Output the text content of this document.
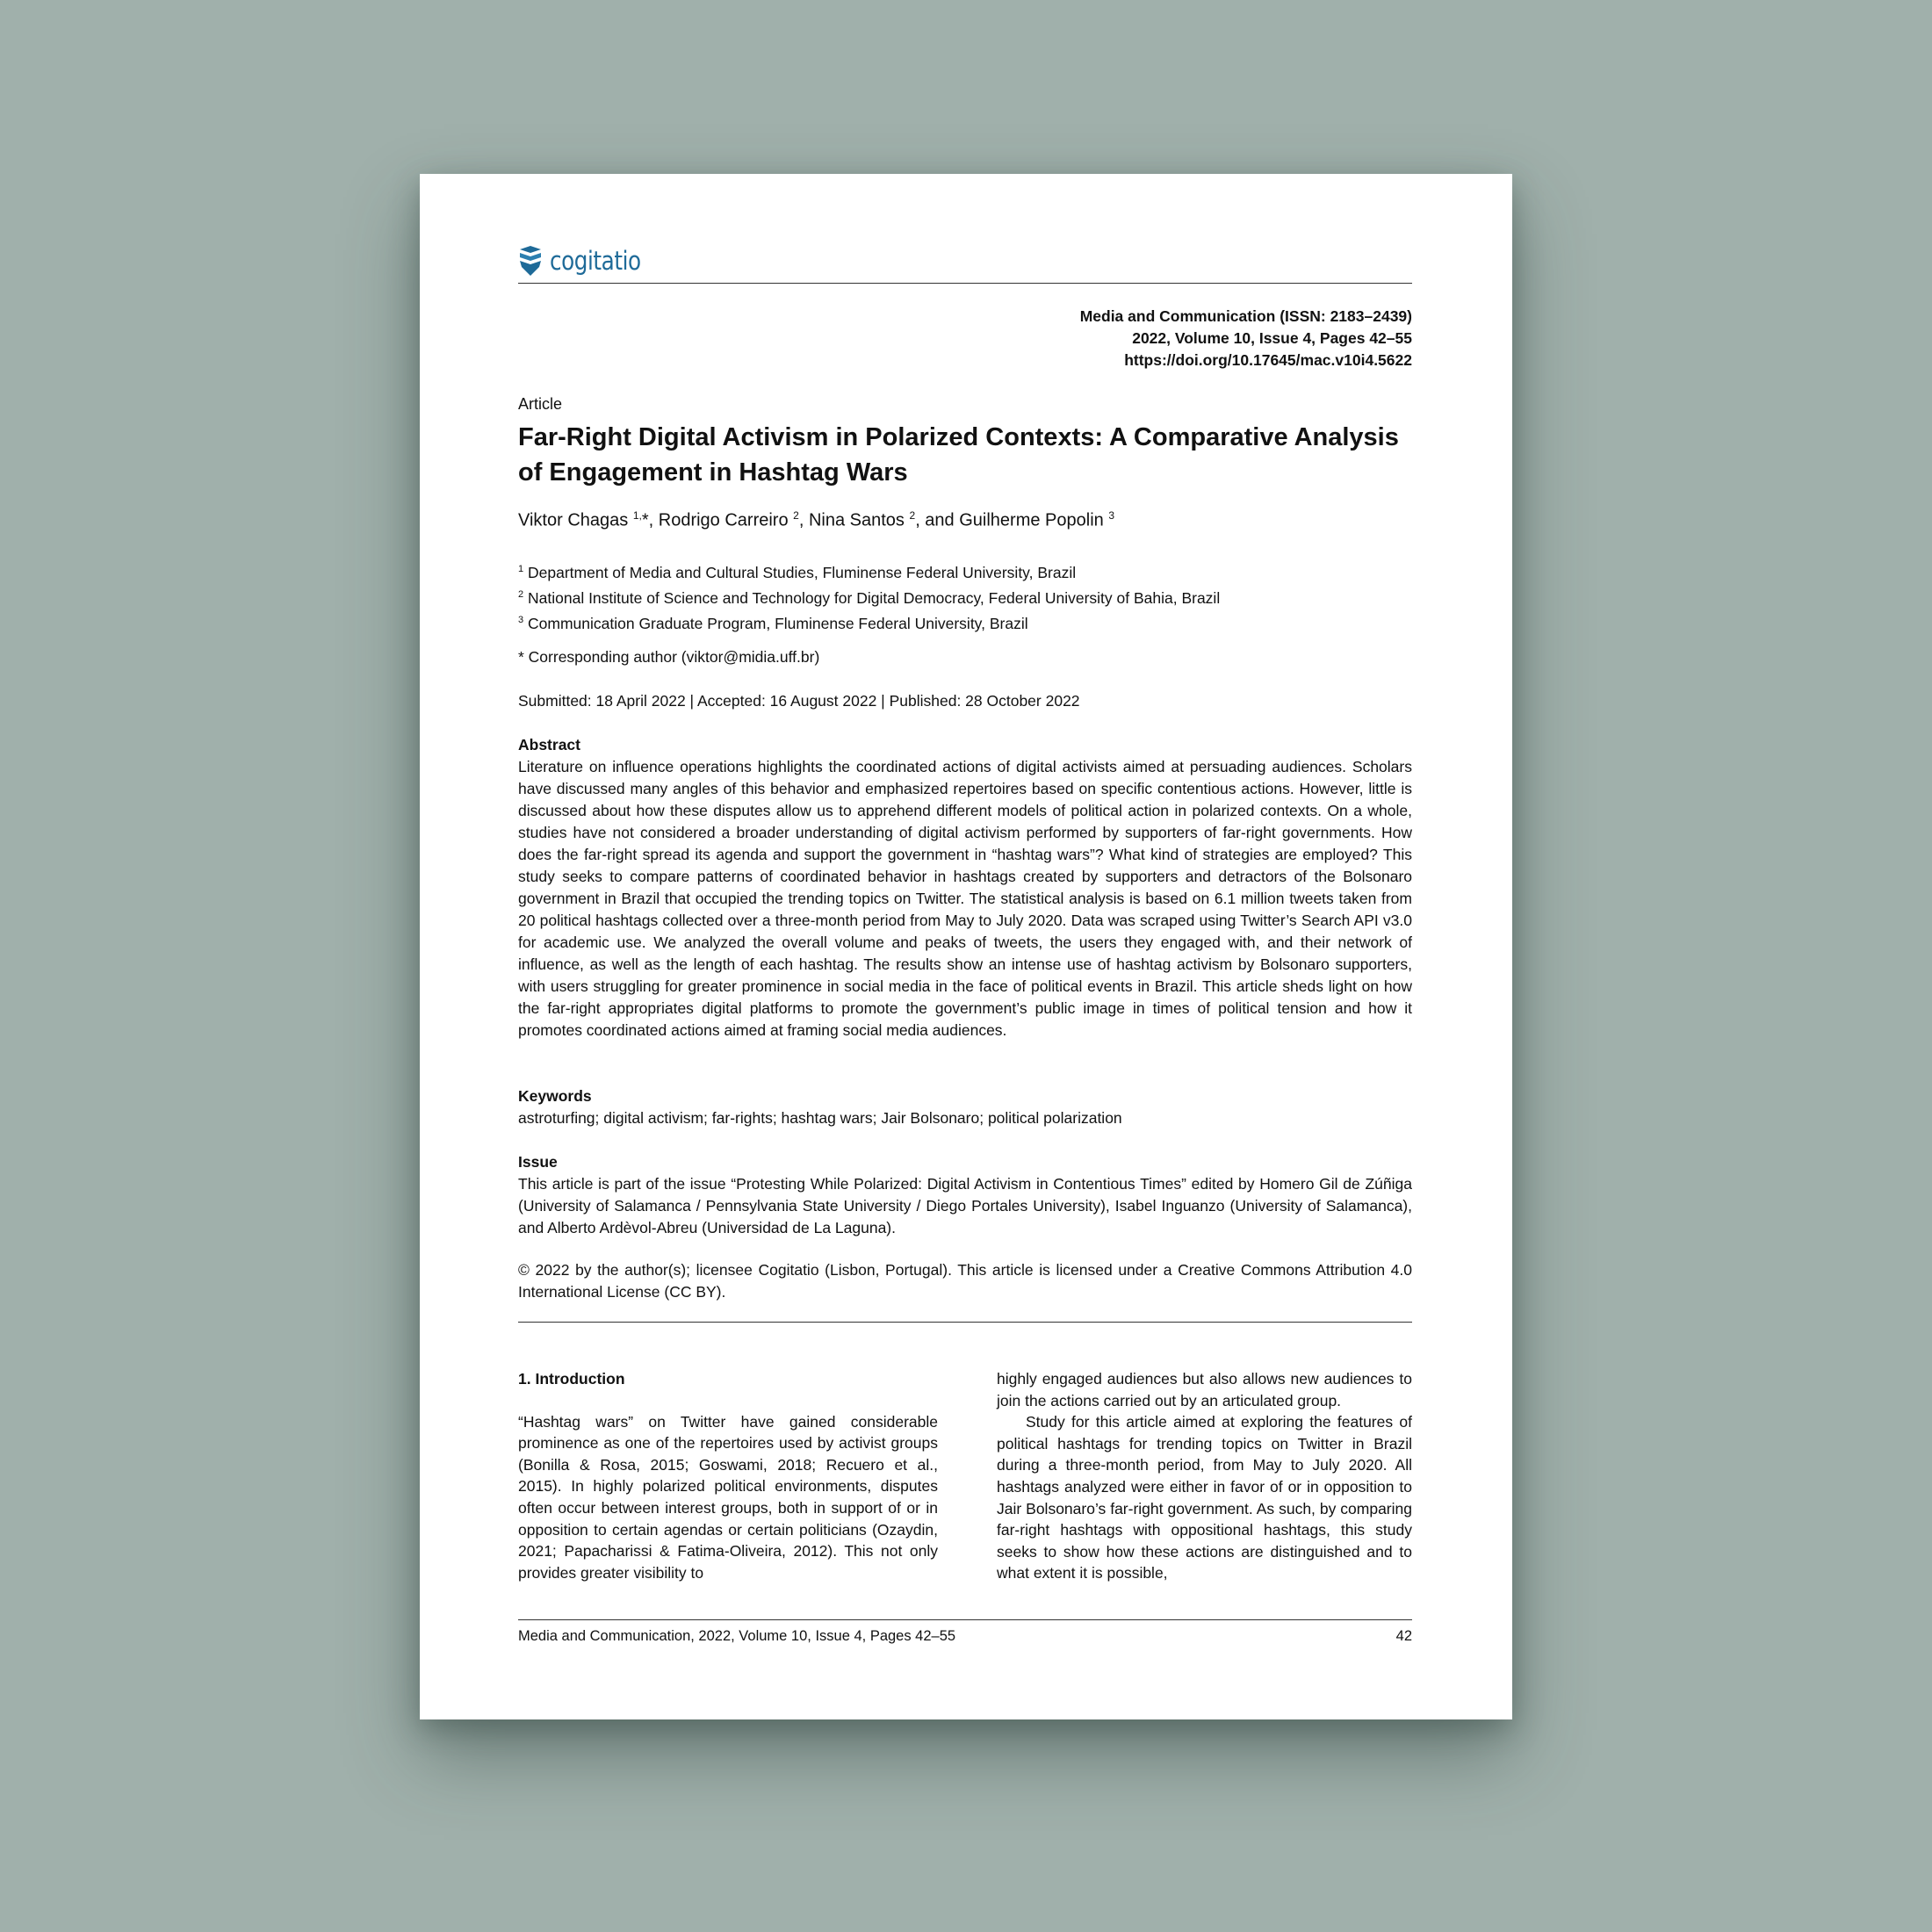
cogitatio
Media and Communication (ISSN: 2183–2439)
2022, Volume 10, Issue 4, Pages 42–55
https://doi.org/10.17645/mac.v10i4.5622
Article
Far-Right Digital Activism in Polarized Contexts: A Comparative Analysis of Engagement in Hashtag Wars
Viktor Chagas $^{1,}$*, Rodrigo Carreiro $^2$, Nina Santos $^2$, and Guilherme Popolin $^3$
$^1$ Department of Media and Cultural Studies, Fluminense Federal University, Brazil
$^2$ National Institute of Science and Technology for Digital Democracy, Federal University of Bahia, Brazil
$^3$ Communication Graduate Program, Fluminense Federal University, Brazil
* Corresponding author (viktor@midia.uff.br)
Submitted: 18 April 2022 | Accepted: 16 August 2022 | Published: 28 October 2022
Abstract

Literature on influence operations highlights the coordinated actions of digital activists aimed at persuading audiences. Scholars have discussed many angles of this behavior and emphasized repertoires based on specific contentious actions. However, little is discussed about how these disputes allow us to apprehend different models of political action in polarized contexts. On a whole, studies have not considered a broader understanding of digital activism performed by supporters of far-right governments. How does the far-right spread its agenda and support the government in “hashtag wars”? What kind of strategies are employed? This study seeks to compare patterns of coordinated behavior in hashtags created by supporters and detractors of the Bolsonaro government in Brazil that occupied the trending topics on Twitter. The statistical analysis is based on 6.1 million tweets taken from 20 political hashtags collected over a three-month period from May to July 2020. Data was scraped using Twitter’s Search API v3.0 for academic use. We analyzed the overall volume and peaks of tweets, the users they engaged with, and their network of influence, as well as the length of each hashtag. The results show an intense use of hashtag activism by Bolsonaro supporters, with users struggling for greater prominence in social media in the face of political events in Brazil. This article sheds light on how the far-right appropriates digital platforms to promote the government’s public image in times of political tension and how it promotes coordinated actions aimed at framing social media audiences.

Keywords

astroturfing; digital activism; far-rights; hashtag wars; Jair Bolsonaro; political polarization

Issue

This article is part of the issue “Protesting While Polarized: Digital Activism in Contentious Times” edited by Homero Gil de Zúñiga (University of Salamanca / Pennsylvania State University / Diego Portales University), Isabel Inguanzo (University of Salamanca), and Alberto Ardèvol-Abreu (Universidad de La Laguna).

© 2022 by the author(s); licensee Cogitatio (Lisbon, Portugal). This article is licensed under a Creative Commons Attribution 4.0 International License (CC BY).

1. Introduction

“Hashtag wars” on Twitter have gained considerable prominence as one of the repertoires used by activist groups (Bonilla & Rosa, 2015; Goswami, 2018; Recuero et al., 2015). In highly polarized political environments, disputes often occur between interest groups, both in support of or in opposition to certain agendas or certain politicians (Ozaydin, 2021; Papacharissi & Fatima-Oliveira, 2012). This not only provides greater visibility to

highly engaged audiences but also allows new audiences to join the actions carried out by an articulated group.

Study for this article aimed at exploring the features of political hashtags for trending topics on Twitter in Brazil during a three-month period, from May to July 2020. All hashtags analyzed were either in favor of or in opposition to Jair Bolsonaro’s far-right government. As such, by comparing far-right hashtags with oppositional hashtags, this study seeks to show how these actions are distinguished and to what extent it is possible,

Media and Communication, 2022, Volume 10, Issue 4, Pages 42–55	42
